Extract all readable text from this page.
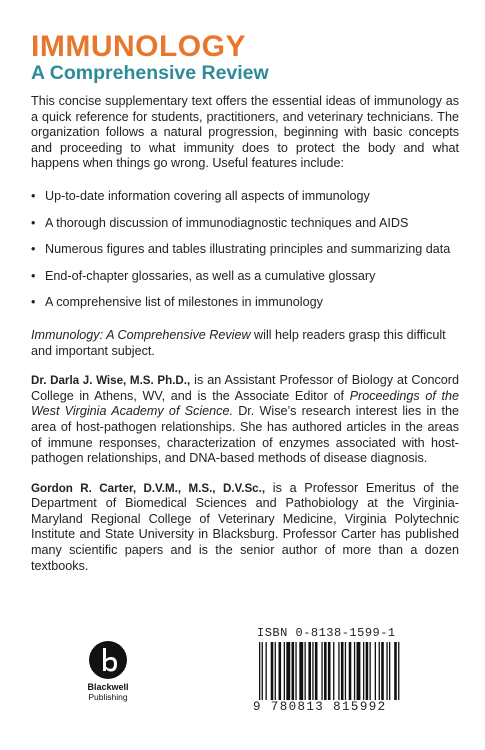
IMMUNOLOGY
A Comprehensive Review

This concise supplementary text offers the essential ideas of immunology as a quick reference for students, practitioners, and veterinary technicians. The organization follows a natural progression, beginning with basic concepts and proceeding to what immunity does to protect the body and what happens when things go wrong. Useful features include:

• Up-to-date information covering all aspects of immunology
• A thorough discussion of immunodiagnostic techniques and AIDS
• Numerous figures and tables illustrating principles and summarizing data
• End-of-chapter glossaries, as well as a cumulative glossary
• A comprehensive list of milestones in immunology

Immunology: A Comprehensive Review will help readers grasp this difficult and important subject.

Dr. Darla J. Wise, M.S. Ph.D., is an Assistant Professor of Biology at Concord College in Athens, WV, and is the Associate Editor of Proceedings of the West Virginia Academy of Science. Dr. Wise’s research interest lies in the area of host-pathogen relationships. She has authored articles in the areas of immune responses, characterization of enzymes associated with host-pathogen relationships, and DNA-based methods of disease diagnosis.

Gordon R. Carter, D.V.M., M.S., D.V.Sc., is a Professor Emeritus of the Department of Biomedical Sciences and Pathobiology at the Virginia-Maryland Regional College of Veterinary Medicine, Virginia Polytechnic Institute and State University in Blacksburg. Professor Carter has published many scientific papers and is the senior author of more than a dozen textbooks.

Blackwell
Publishing
ISBN 0-8138-1599-1
9 780813 815992
